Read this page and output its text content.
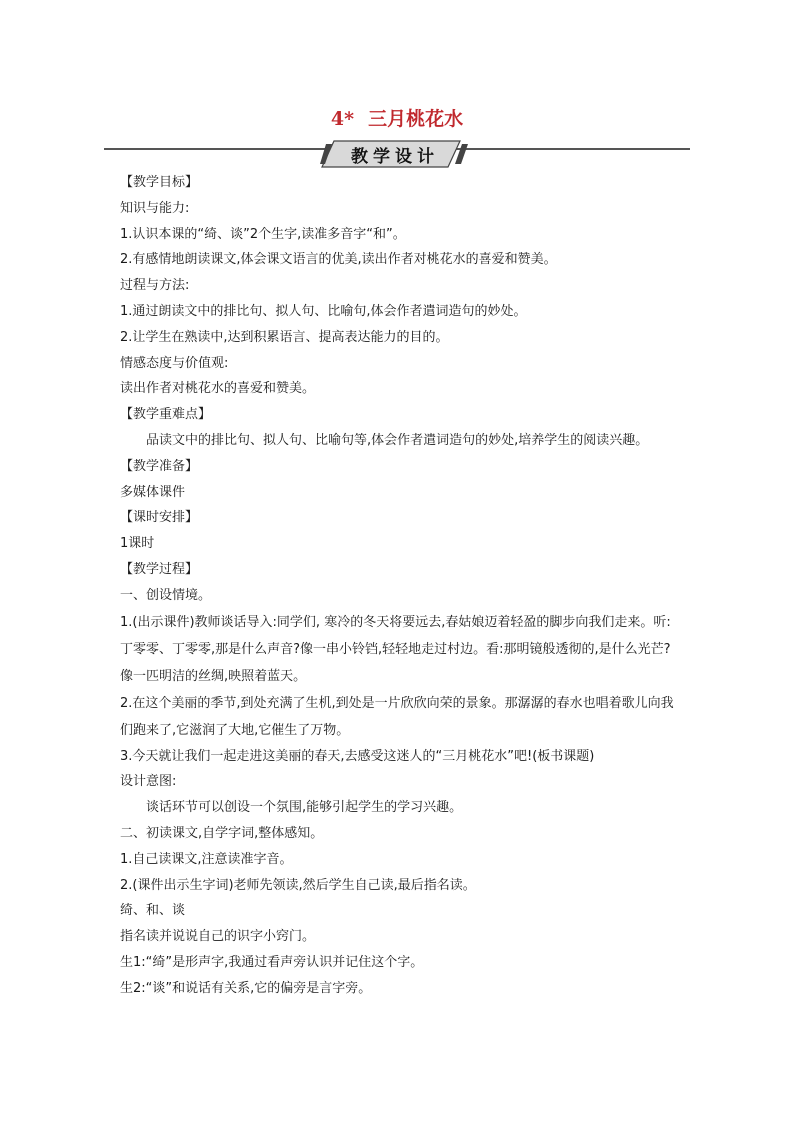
4* 三月桃花水
教学设计
【教学目标】
知识与能力:
1.认识本课的“绮、谈”2个生字,读准多音字“和”。
2.有感情地朗读课文,体会课文语言的优美,读出作者对桃花水的喜爱和赞美。
过程与方法:
1.通过朗读文中的排比句、拟人句、比喻句,体会作者遣词造句的妙处。
2.让学生在熟读中,达到积累语言、提高表达能力的目的。
情感态度与价值观:
读出作者对桃花水的喜爱和赞美。
【教学重难点】
品读文中的排比句、拟人句、比喻句等,体会作者遣词造句的妙处,培养学生的阅读兴趣。
【教学准备】
多媒体课件
【课时安排】
1课时
【教学过程】
一、创设情境。
1.(出示课件)教师谈话导入:同学们, 寒冷的冬天将要远去,春姑娘迈着轻盈的脚步向我们走来。听:丁零零、丁零零,那是什么声音?像一串小铃铛,轻轻地走过村边。看:那明镜般透彻的,是什么光芒?像一匹明洁的丝绸,映照着蓝天。
2.在这个美丽的季节,到处充满了生机,到处是一片欣欣向荣的景象。那潺潺的春水也唱着歌儿向我们跑来了,它滋润了大地,它催生了万物。
3.今天就让我们一起走进这美丽的春天,去感受这迷人的“三月桃花水”吧!(板书课题)
设计意图:
谈话环节可以创设一个氛围,能够引起学生的学习兴趣。
二、初读课文,自学字词,整体感知。
1.自己读课文,注意读准字音。
2.(课件出示生字词)老师先领读,然后学生自己读,最后指名读。
绮、和、谈
指名读并说说自己的识字小窍门。
生1:“绮”是形声字,我通过看声旁认识并记住这个字。
生2:“谈”和说话有关系,它的偏旁是言字旁。
